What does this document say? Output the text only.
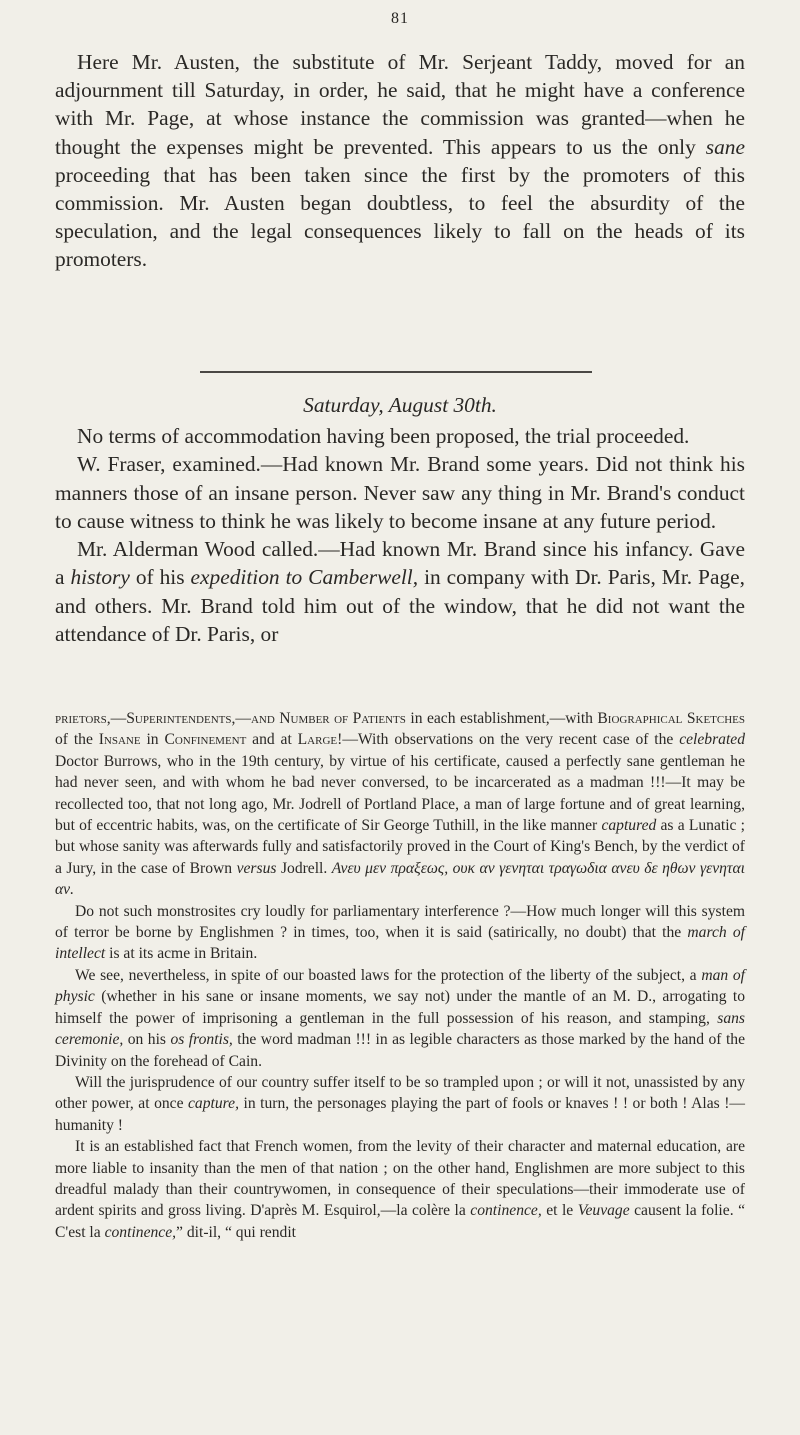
81

Here Mr. Austen, the substitute of Mr. Serjeant Taddy, moved for an adjournment till Saturday, in order, he said, that he might have a conference with Mr. Page, at whose instance the commission was granted—when he thought the expenses might be prevented. This appears to us the only sane proceeding that has been taken since the first by the promoters of this commission. Mr. Austen began doubtless, to feel the absurdity of the speculation, and the legal consequences likely to fall on the heads of its promoters.

Saturday, August 30th.

No terms of accommodation having been proposed, the trial proceeded.

W. Fraser, examined.—Had known Mr. Brand some years. Did not think his manners those of an insane person. Never saw any thing in Mr. Brand's conduct to cause witness to think he was likely to become insane at any future period.

Mr. Alderman Wood called.—Had known Mr. Brand since his infancy. Gave a history of his expedition to Camberwell, in company with Dr. Paris, Mr. Page, and others. Mr. Brand told him out of the window, that he did not want the attendance of Dr. Paris, or

prietors,—Superintendents,—and Number of Patients in each establishment,—with Biographical Sketches of the Insane in Confinement and at Large!—With observations on the very recent case of the celebrated Doctor Burrows, who in the 19th century, by virtue of his certificate, caused a perfectly sane gentleman he had never seen, and with whom he bad never conversed, to be incarcerated as a madman !!!—It may be recollected too, that not long ago, Mr. Jodrell of Portland Place, a man of large fortune and of great learning, but of eccentric habits, was, on the certificate of Sir George Tuthill, in the like manner captured as a Lunatic ; but whose sanity was afterwards fully and satisfactorily proved in the Court of King's Bench, by the verdict of a Jury, in the case of Brown versus Jodrell. Ανευ μεν πραξεως, ουκ αν γενηται τραγωδια ανευ δε ηθων γενηται αν.

Do not such monstrosites cry loudly for parliamentary interference ?—How much longer will this system of terror be borne by Englishmen ? in times, too, when it is said (satirically, no doubt) that the march of intellect is at its acme in Britain.

We see, nevertheless, in spite of our boasted laws for the protection of the liberty of the subject, a man of physic (whether in his sane or insane moments, we say not) under the mantle of an M. D., arrogating to himself the power of imprisoning a gentleman in the full possession of his reason, and stamping, sans ceremonie, on his os frontis, the word madman !!! in as legible characters as those marked by the hand of the Divinity on the forehead of Cain.

Will the jurisprudence of our country suffer itself to be so trampled upon ; or will it not, unassisted by any other power, at once capture, in turn, the personages playing the part of fools or knaves ! ! or both ! Alas !—humanity !

It is an established fact that French women, from the levity of their character and maternal education, are more liable to insanity than the men of that nation ; on the other hand, Englishmen are more subject to this dreadful malady than their countrywomen, in consequence of their speculations—their immoderate use of ardent spirits and gross living. D'après M. Esquirol,—la colère la continence, et le Veuvage causent la folie. “ C'est la continence,” dit-il, “ qui rendit
